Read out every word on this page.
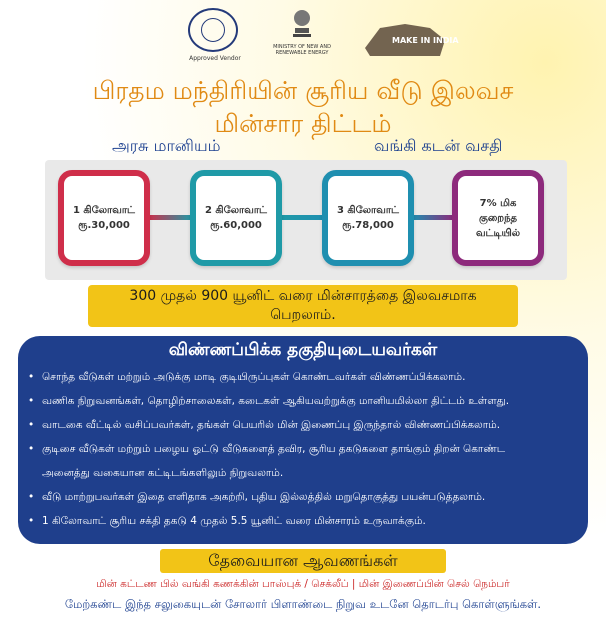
Approved Vendor
MINISTRY OF NEW AND RENEWABLE ENERGY
MAKE IN INDIA
பிரதம மந்திரியின் சூரிய வீடு இலவச
மின்சார திட்டம்
அரசு மானியம்	வங்கி கடன் வசதி
1 கிலோவாட்
ரூ.30,000
2 கிலோவாட்
ரூ.60,000
3 கிலோவாட்
ரூ.78,000
7% மிக
குறைந்த
வட்டியில்
300 முதல் 900 யூனிட் வரை மின்சாரத்தை இலவசமாக
பெறலாம்.
விண்ணப்பிக்க தகுதியுடையவர்கள்
• சொந்த வீடுகள் மற்றும் அடுக்கு மாடி குடியிருப்புகள் கொண்டவர்கள் விண்ணப்பிக்கலாம்.
• வணிக நிறுவனங்கள், தொழிற்சாலைகள், கடைகள் ஆகியவற்றுக்கு மானியமில்லா திட்டம் உள்ளது.
• வாடகை வீட்டில் வசிப்பவர்கள், தங்கள் பெயரில் மின் இணைப்பு இருந்தால் விண்ணப்பிக்கலாம்.
• குடிசை வீடுகள் மற்றும் பழைய ஓட்டு வீடுகளைத் தவிர, சூரிய தகடுகளை தாங்கும் திறன் கொண்ட
அனைத்து வகையான கட்டிடங்களிலும் நிறுவலாம்.
• வீடு மாற்றுபவர்கள் இதை எளிதாக அகற்றி, புதிய இல்லத்தில் மறுதொகுத்து பயன்படுத்தலாம்.
• 1 கிலோவாட் சூரிய சக்தி தகடு 4 முதல் 5.5 யூனிட் வரை மின்சாரம் உருவாக்கும்.
தேவையான ஆவணங்கள்
மின் கட்டண பில் வங்கி கணக்கின் பாஸ்புக் / செக்லீப் | மின் இணைப்பின் செல் நெம்பர்
மேற்கண்ட இந்த சலுகையுடன் சோலார் பிளாண்டை நிறுவ உடனே தொடர்பு கொள்ளுங்கள்.
